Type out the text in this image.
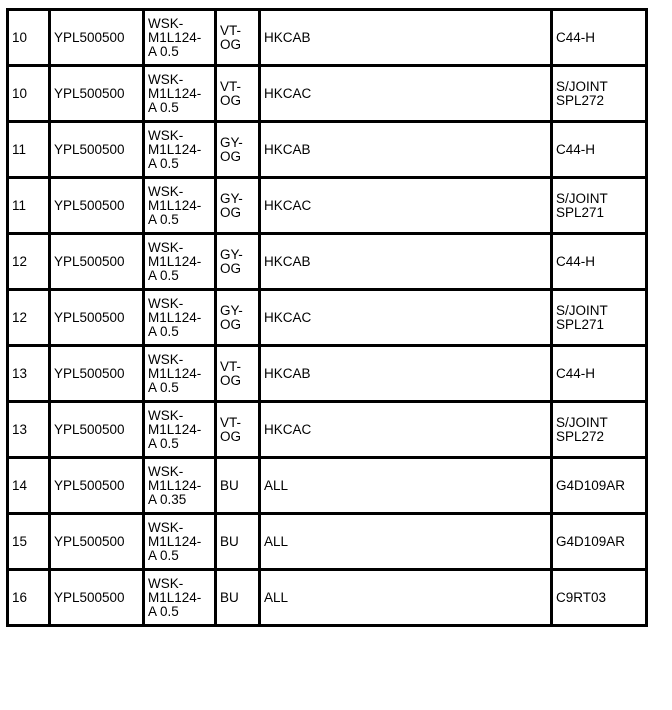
10	YPL500500	WSK-
M1L124-
A 0.5	VT-
OG	HKCAB	C44-H
10	YPL500500	WSK-
M1L124-
A 0.5	VT-
OG	HKCAC	S/JOINT
SPL272
11	YPL500500	WSK-
M1L124-
A 0.5	GY-
OG	HKCAB	C44-H
11	YPL500500	WSK-
M1L124-
A 0.5	GY-
OG	HKCAC	S/JOINT
SPL271
12	YPL500500	WSK-
M1L124-
A 0.5	GY-
OG	HKCAB	C44-H
12	YPL500500	WSK-
M1L124-
A 0.5	GY-
OG	HKCAC	S/JOINT
SPL271
13	YPL500500	WSK-
M1L124-
A 0.5	VT-
OG	HKCAB	C44-H
13	YPL500500	WSK-
M1L124-
A 0.5	VT-
OG	HKCAC	S/JOINT
SPL272
14	YPL500500	WSK-
M1L124-
A 0.35	BU	ALL	G4D109AR
15	YPL500500	WSK-
M1L124-
A 0.5	BU	ALL	G4D109AR
16	YPL500500	WSK-
M1L124-
A 0.5	BU	ALL	C9RT03
